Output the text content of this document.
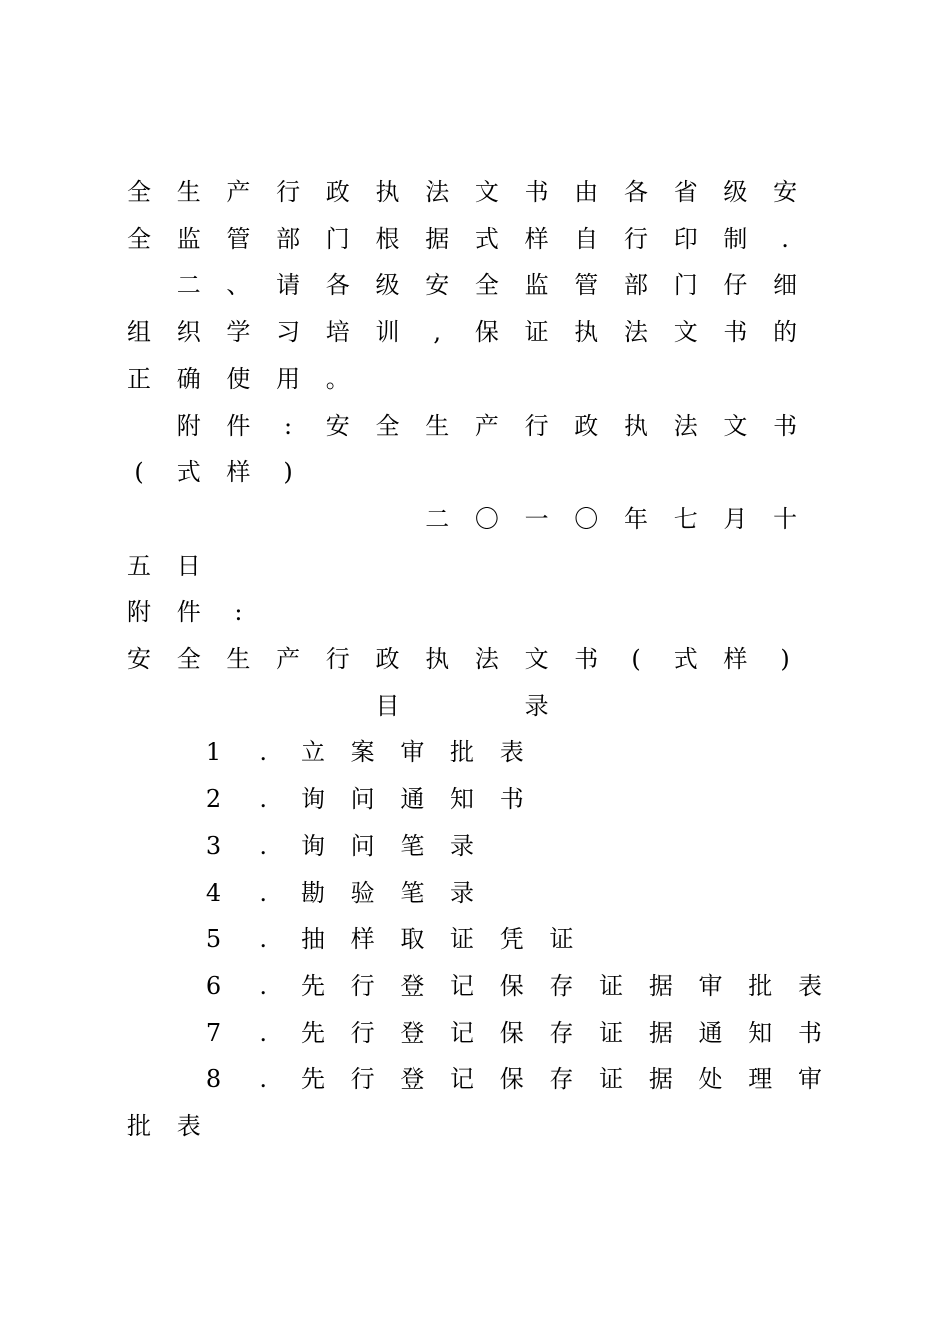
全 生 产 行 政 执 法 文 书 由 各 省 级 安
全 监 管 部 门 根 据 式 样 自 行 印 制	.
二 、 请 各 级 安 全 监 管 部 门 仔 细
组 织 学 习 培 训	,	保 证 执 法 文 书 的
正 确 使 用 。
附 件	:	安 全 生 产 行 政 执 法 文 书
(	式 样	)
二 〇 一 〇 年 七 月 十
五 日
附 件	:
安 全 生 产 行 政 执 法 文 书	(	式 样	)
目	录
1	.	立 案 审 批 表
2	.	询 问 通 知 书
3	.	询 问 笔 录
4	.	勘 验 笔 录
5	.	抽 样 取 证 凭 证
6	.	先 行 登 记 保 存 证 据 审 批 表
7	.	先 行 登 记 保 存 证 据 通 知 书
8	.	先 行 登 记 保 存 证 据 处 理 审
批 表
